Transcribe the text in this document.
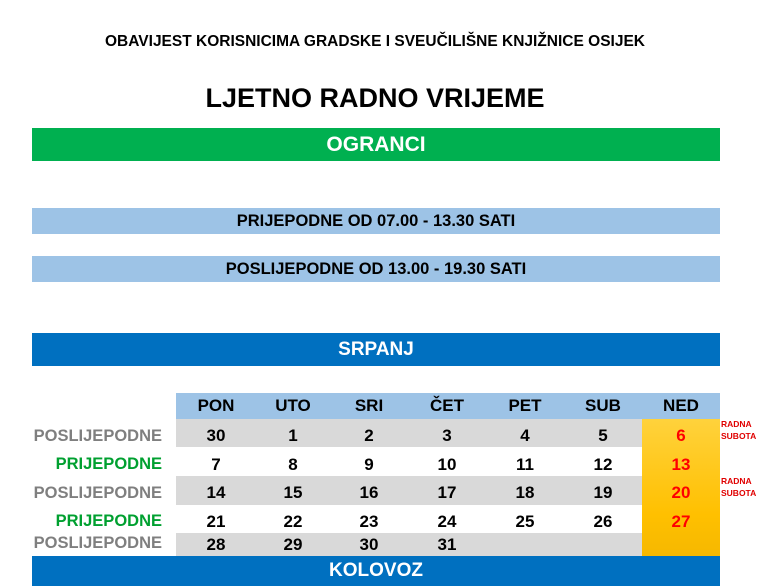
OBAVIJEST KORISNICIMA GRADSKE I SVEUČILIŠNE KNJIŽNICE OSIJEK
LJETNO RADNO VRIJEME
OGRANCI
PRIJEPODNE OD 07.00 - 13.30 SATI
POSLIJEPODNE OD 13.00 - 19.30 SATI
SRPANJ
PON	UTO	SRI	ČET	PET	SUB	NED
POSLIJEPODNE	30	1	2	3	4	5	6
RADNA
SUBOTA
PRIJEPODNE	7	8	9	10	11	12	13
POSLIJEPODNE	14	15	16	17	18	19	20
RADNA
SUBOTA
PRIJEPODNE	21	22	23	24	25	26	27
POSLIJEPODNE	28	29	30	31
KOLOVOZ
